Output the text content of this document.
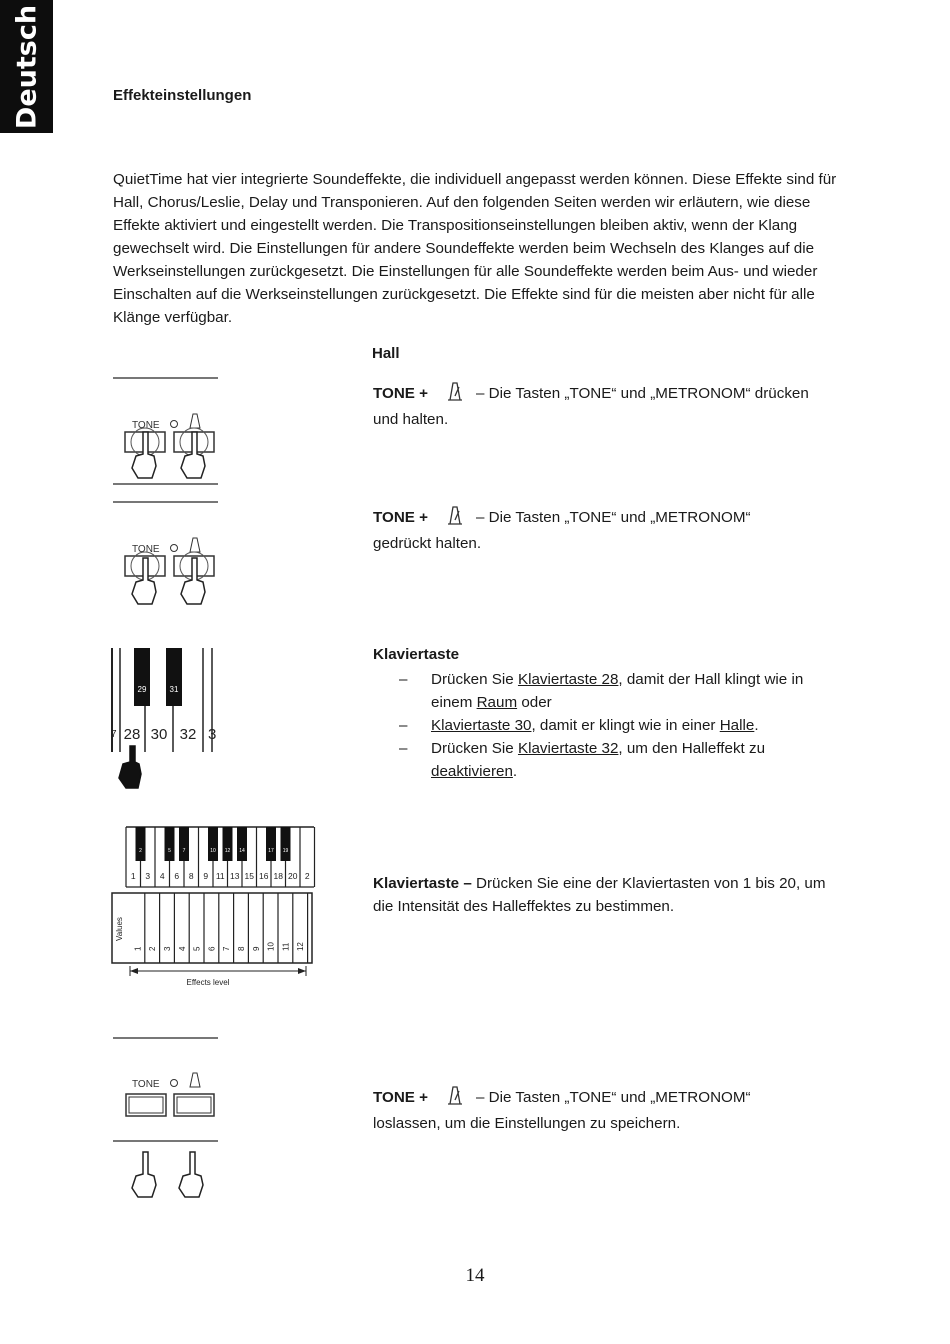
Deutsch	Effekteinstellungen
QuietTime hat vier integrierte Soundeffekte, die individuell angepasst werden können. Diese Effekte sind für Hall, Chorus/Leslie, Delay und Transponieren. Auf den folgenden Seiten werden wir erläutern, wie diese Effekte aktiviert und eingestellt werden. Die Transpositionseinstellungen bleiben aktiv, wenn der Klang gewechselt wird. Die Einstellungen für andere Soundeffekte werden beim Wechseln des Klanges auf die Werkseinstellungen zurückgesetzt. Die Einstellungen für alle Soundeffekte werden beim Aus- und wieder Einschalten auf die Werkseinstellungen zurückgesetzt. Die Effekte sind für die meisten aber nicht für alle Klänge verfügbar.
Hall
TONE +	– Die Tasten „TONE“ und „METRONOM“ drücken
und halten.
TONE +	– Die Tasten „TONE“ und „METRONOM“
gedrückt halten.
Klaviertaste
– Drücken Sie Klaviertaste 28, damit der Hall klingt wie in einem Raum oder
– Klaviertaste 30, damit er klingt wie in einer Halle.
– Drücken Sie Klaviertaste 32, um den Halleffekt zu deaktivieren.
Klaviertaste – Drücken Sie eine der Klaviertasten von 1 bis 20, um die Intensität des Halleffektes zu bestimmen.
TONE +	– Die Tasten „TONE“ und „METRONOM“
loslassen, um die Einstellungen zu speichern.
TONE
TONE
29	31
7 28 30 32 3
2	5 7	10 12 14	17 19
1 3 4 6 8 9 11 13 15 16 18 20 2
1 2 3 4 5 6 7 8 9 10 11 12
Values
Effects level
TONE
14
